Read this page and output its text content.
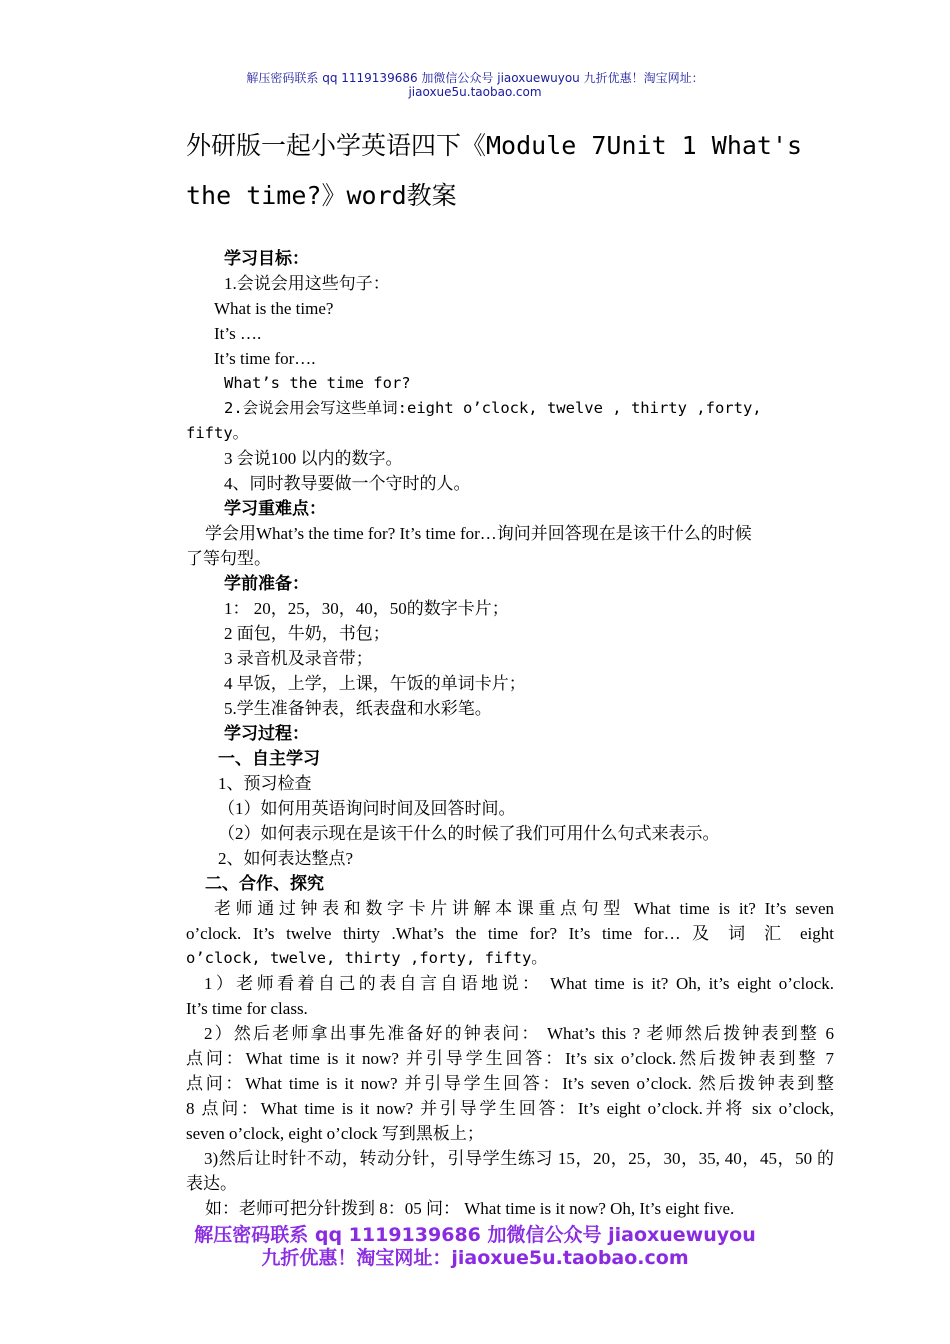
解压密码联系 qq 1119139686 加微信公众号 jiaoxuewuyou 九折优惠！淘宝网址：
jiaoxue5u.taobao.com
外研版一起小学英语四下《Module 7Unit 1 What's
the time?》word教案
学习目标：
1.会说会用这些句子：
What is the time?
It’s ….
It’s time for….
What’s the time for?
2.会说会用会写这些单词:eight o’clock, twelve , thirty ,forty,
fifty。
3 会说100 以内的数字。
4、同时教导要做一个守时的人。
学习重难点：
学会用What’s the time for? It’s time for…询问并回答现在是该干什么的时候
了等句型。
学前准备：
1： 20，25，30，40，50的数字卡片；
2 面包，牛奶，书包；
3 录音机及录音带；
4 早饭，上学，上课，午饭的单词卡片；
5.学生准备钟表，纸表盘和水彩笔。
学习过程：
一、自主学习
1、预习检查
（1）如何用英语询问时间及回答时间。
（2）如何表示现在是该干什么的时候了我们可用什么句式来表示。
2、如何表达整点?
二、合作、探究
老师通过钟表和数字卡片讲解本课重点句型 What time is it? It’s seven
o’clock. It’s twelve thirty .What’s the time for? It’s time for… 及 词 汇 eight
o’clock, twelve, thirty ,forty, fifty。
1）老师看着自己的表自言自语地说： What time is it? Oh, it’s eight o’clock.
It’s time for class.
2）然后老师拿出事先准备好的钟表问： What’s this ? 老师然后拨钟表到整 6
点问：What time is it now? 并引导学生回答：It’s six o’clock.然后拨钟表到整 7
点问：What time is it now? 并引导学生回答：It’s seven o’clock. 然后拨钟表到整
8 点问：What time is it now? 并引导学生回答：It’s eight o’clock.并将 six o’clock,
seven o’clock, eight o’clock 写到黑板上；
3)然后让时针不动，转动分针，引导学生练习 15，20，25，30，35, 40，45，50 的
表达。
如：老师可把分针拨到 8：05 问： What time is it now? Oh, It’s eight five.
解压密码联系 qq 1119139686 加微信公众号 jiaoxuewuyou
九折优惠！淘宝网址：jiaoxue5u.taobao.com
